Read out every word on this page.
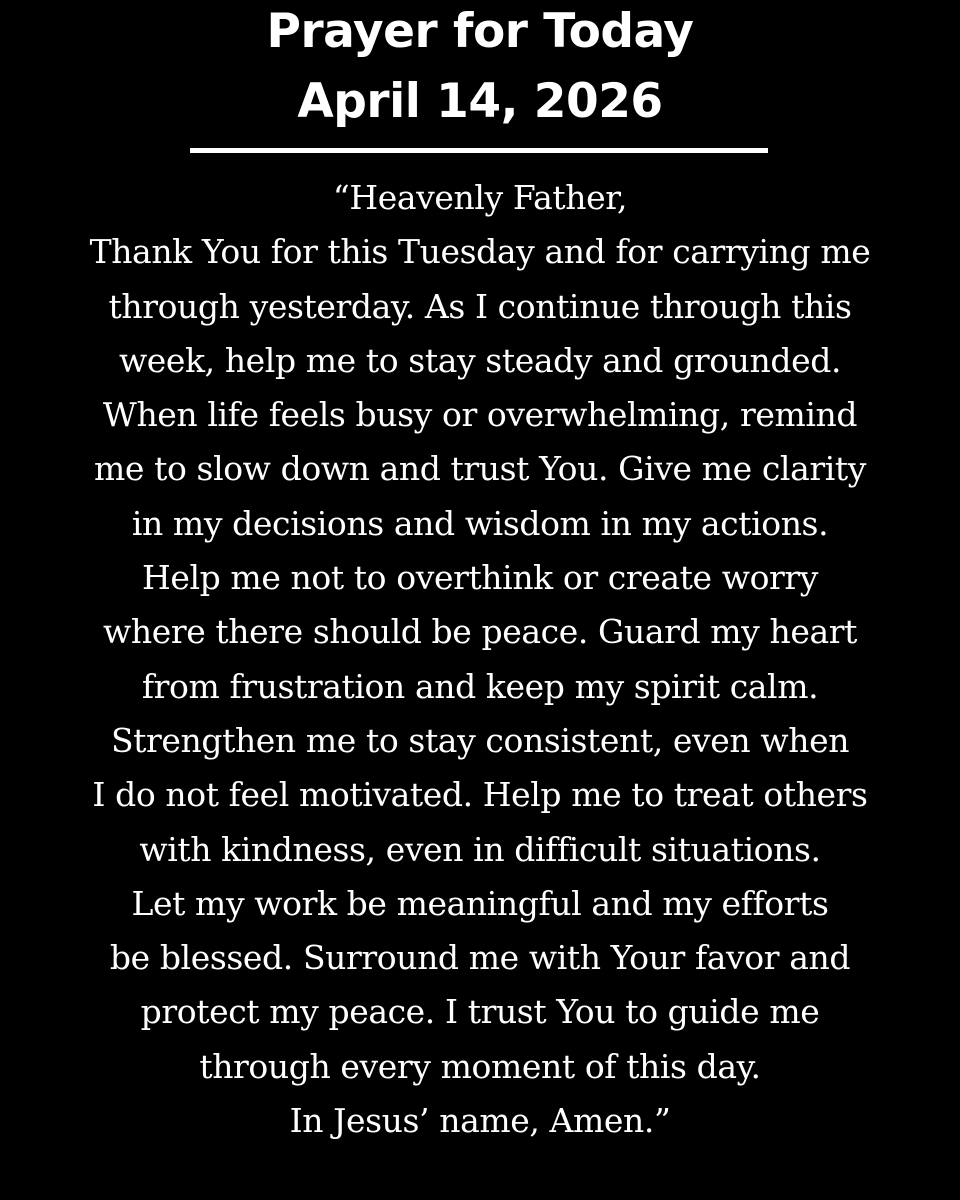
Prayer for Today
April 14, 2026
“Heavenly Father,
Thank You for this Tuesday and for carrying me
through yesterday. As I continue through this
week, help me to stay steady and grounded.
When life feels busy or overwhelming, remind
me to slow down and trust You. Give me clarity
in my decisions and wisdom in my actions.
Help me not to overthink or create worry
where there should be peace. Guard my heart
from frustration and keep my spirit calm.
Strengthen me to stay consistent, even when
I do not feel motivated. Help me to treat others
with kindness, even in difficult situations.
Let my work be meaningful and my efforts
be blessed. Surround me with Your favor and
protect my peace. I trust You to guide me
through every moment of this day.
In Jesus’ name, Amen.”
